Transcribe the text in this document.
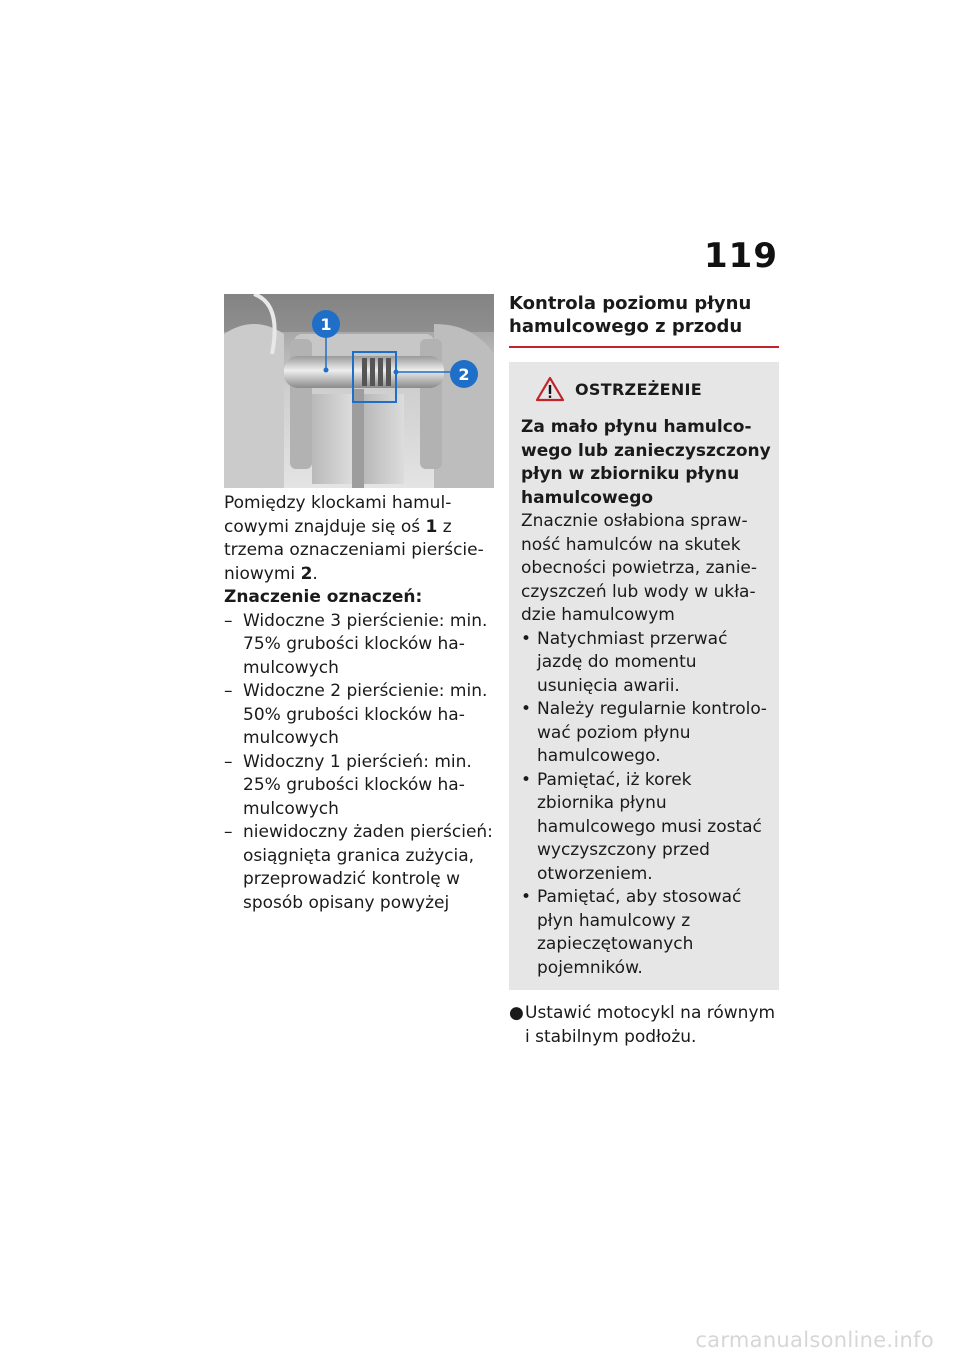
119
1
2

Pomiędzy klockami hamulcowymi znajduje się oś 1 z trzema oznaczeniami pierścieniowymi 2.

Znaczenie oznaczeń:

– Widoczne 3 pierścienie: min. 75% grubości klocków hamulcowych
– Widoczne 2 pierścienie: min. 50% grubości klocków hamulcowych
– Widoczny 1 pierścień: min. 25% grubości klocków hamulcowych
– niewidoczny żaden pierścień: osiągnięta granica zużycia, przeprowadzić kontrolę w sposób opisany powyżej
Kontrola poziomu płynu hamulcowego z przodu
OSTRZEŻENIE

Za mało płynu hamulcowego lub zanieczyszczony płyn w zbiorniku płynu hamulcowego

Znacznie osłabiona sprawność hamulców na skutek obecności powietrza, zanieczyszczeń lub wody w układzie hamulcowym

• Natychmiast przerwać jazdę do momentu usunięcia awarii.
• Należy regularnie kontrolować poziom płynu hamulcowego.
• Pamiętać, iż korek zbiornika płynu hamulcowego musi zostać wyczyszczony przed otworzeniem.
• Pamiętać, aby stosować płyn hamulcowy z zapieczętowanych pojemników.
● Ustawić motocykl na równym i stabilnym podłożu.
carmanualsonline.info
